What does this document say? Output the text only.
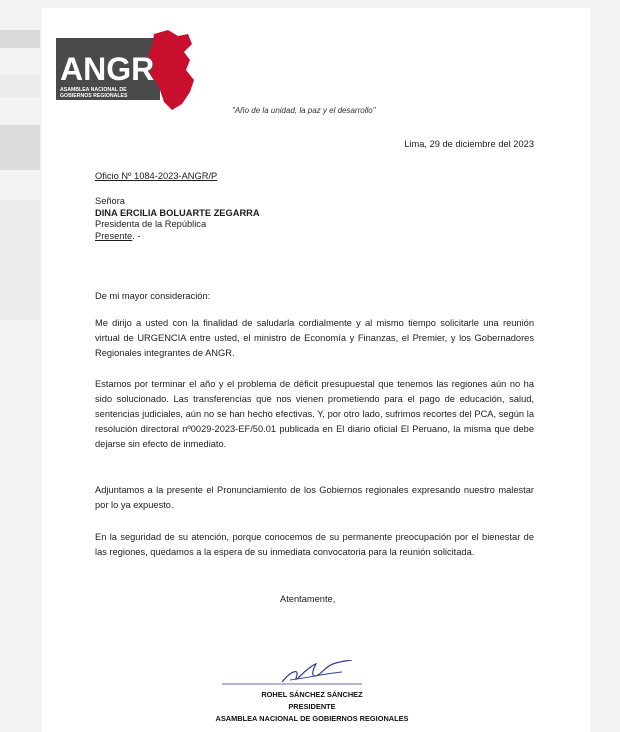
ANGR
ASAMBLEA NACIONAL DE
GOBIERNOS REGIONALES
"Año de la unidad, la paz y el desarrollo"
Lima, 29 de diciembre del 2023
Oficio Nº 1084-2023-ANGR/P
Señora
DINA ERCILIA BOLUARTE ZEGARRA
Presidenta de la República
Presente. -
De mi mayor consideración:
Me dirijo a usted con la finalidad de saludarla cordialmente y al mismo tiempo solicitarle una reunión virtual de URGENCIA entre usted, el ministro de Economía y Finanzas, el Premier, y los Gobernadores Regionales integrantes de ANGR.
Estamos por terminar el año y el problema de déficit presupuestal que tenemos las regiones aún no ha sido solucionado. Las transferencias que nos vienen prometiendo para el pago de educación, salud, sentencias judiciales, aún no se han hecho efectivas. Y, por otro lado, sufrimos recortes del PCA, según la resolución directoral nº0029-2023-EF/50.01 publicada en El diario oficial El Peruano, la misma que debe dejarse sin efecto de inmediato.
Adjuntamos a la presente el Pronunciamiento de los Gobiernos regionales expresando nuestro malestar por lo ya expuesto.
En la seguridad de su atención, porque conocemos de su permanente preocupación por el bienestar de las regiones, quedamos a la espera de su inmediata convocatoria para la reunión solicitada.
Atentamente,
ROHEL SÁNCHEZ SÁNCHEZ
PRESIDENTE
ASAMBLEA NACIONAL DE GOBIERNOS REGIONALES
